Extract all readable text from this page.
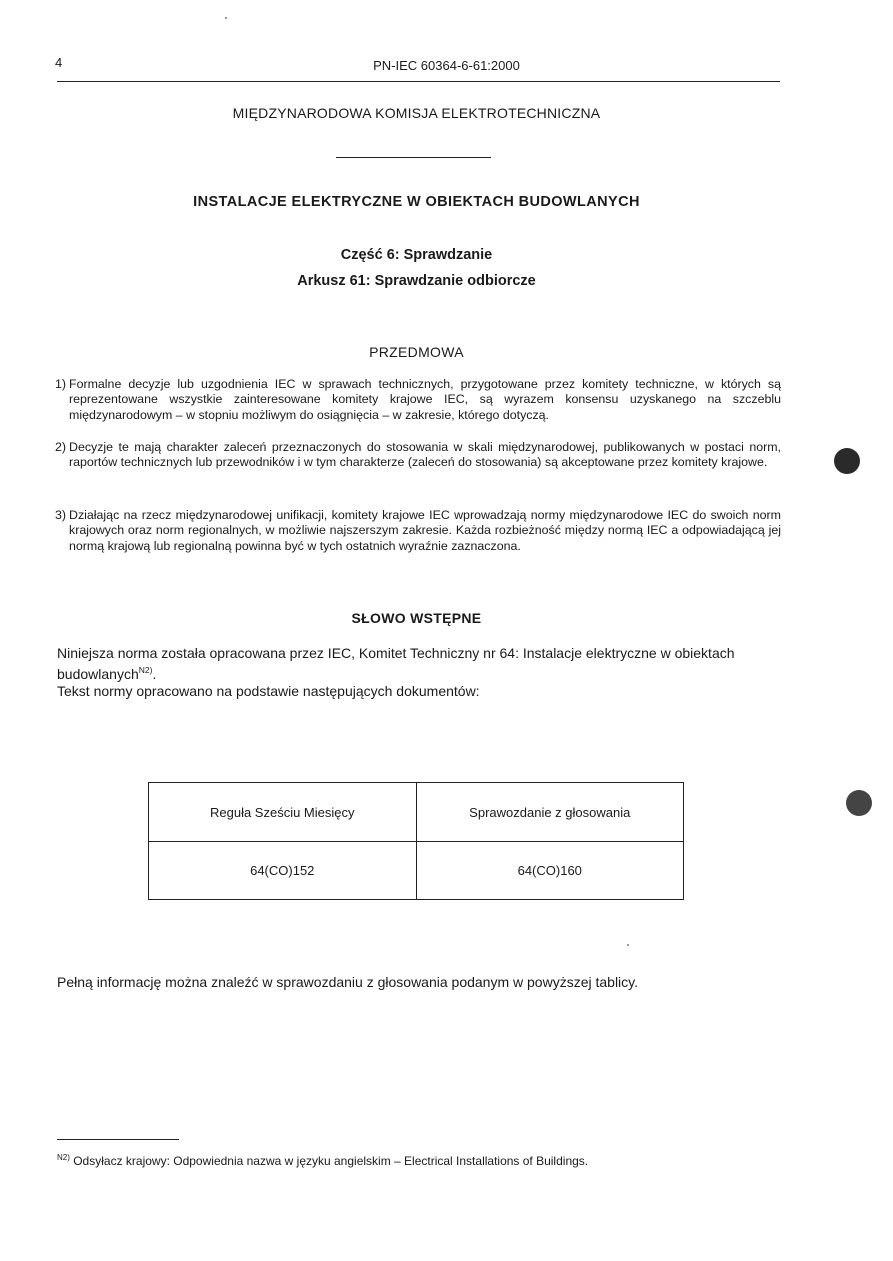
4	PN-IEC 60364-6-61:2000
MIĘDZYNARODOWA KOMISJA ELEKTROTECHNICZNA
INSTALACJE ELEKTRYCZNE W OBIEKTACH BUDOWLANYCH
Część 6: Sprawdzanie
Arkusz 61: Sprawdzanie odbiorcze
PRZEDMOWA
1) Formalne decyzje lub uzgodnienia IEC w sprawach technicznych, przygotowane przez komitety techniczne, w których są reprezentowane wszystkie zainteresowane komitety krajowe IEC, są wyrazem konsensu uzyskanego na szczeblu międzynarodowym – w stopniu możliwym do osiągnięcia – w zakresie, którego dotyczą.
2) Decyzje te mają charakter zaleceń przeznaczonych do stosowania w skali międzynarodowej, publikowanych w postaci norm, raportów technicznych lub przewodników i w tym charakterze (zaleceń do stosowania) są akceptowane przez komitety krajowe.
3) Działając na rzecz międzynarodowej unifikacji, komitety krajowe IEC wprowadzają normy międzynarodowe IEC do swoich norm krajowych oraz norm regionalnych, w możliwie najszerszym zakresie. Każda rozbieżność między normą IEC a odpowiadającą jej normą krajową lub regionalną powinna być w tych ostatnich wyraźnie zaznaczona.
SŁOWO WSTĘPNE
Niniejsza norma została opracowana przez IEC, Komitet Techniczny nr 64: Instalacje elektryczne w obiektach budowlanych$^{N2)}$.
Tekst normy opracowano na podstawie następujących dokumentów:
Reguła Sześciu Miesięcy	Sprawozdanie z głosowania
64(CO)152	64(CO)160
Pełną informację można znaleźć w sprawozdaniu z głosowania podanym w powyższej tablicy.
$^{N2)}$ Odsyłacz krajowy: Odpowiednia nazwa w języku angielskim – Electrical Installations of Buildings.
